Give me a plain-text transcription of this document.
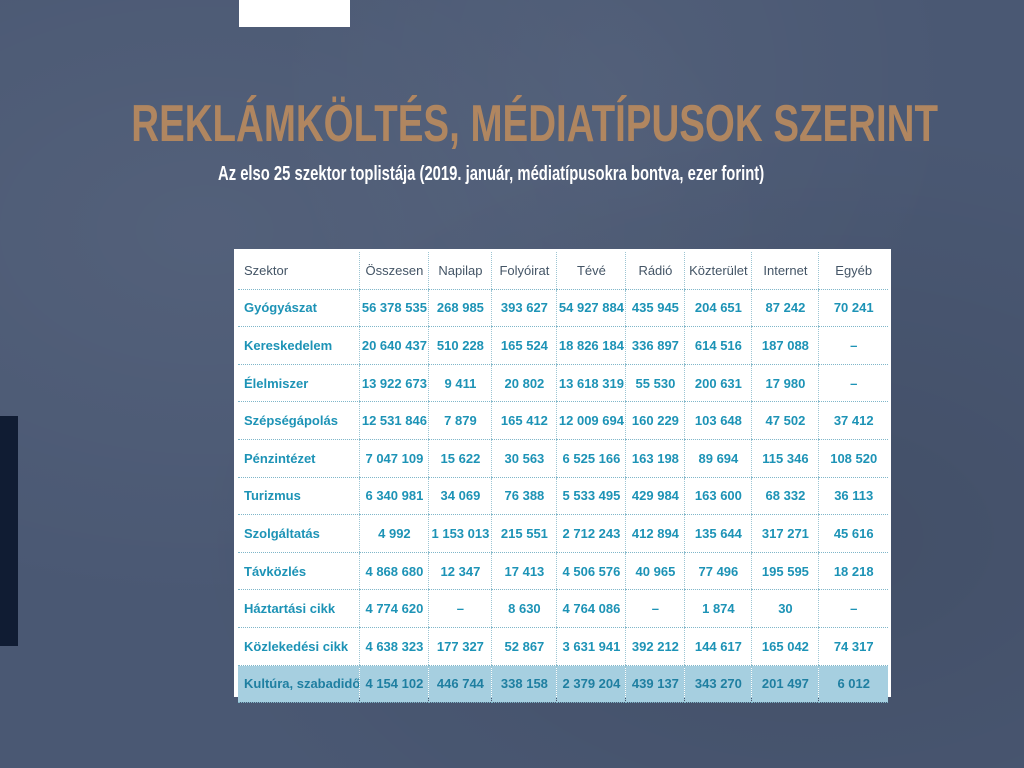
REKLÁMKÖLTÉS, MÉDIATÍPUSOK SZERINT
Az elso 25 szektor toplistája (2019. január, médiatípusokra bontva, ezer forint)
Szektor	Összesen	Napilap	Folyóirat	Tévé	Rádió	Közterület	Internet	Egyéb
Gyógyászat	56 378 535	268 985	393 627	54 927 884	435 945	204 651	87 242	70 241
Kereskedelem	20 640 437	510 228	165 524	18 826 184	336 897	614 516	187 088	–
Élelmiszer	13 922 673	9 411	20 802	13 618 319	55 530	200 631	17 980	–
Szépségápolás	12 531 846	7 879	165 412	12 009 694	160 229	103 648	47 502	37 412
Pénzintézet	7 047 109	15 622	30 563	6 525 166	163 198	89 694	115 346	108 520
Turizmus	6 340 981	34 069	76 388	5 533 495	429 984	163 600	68 332	36 113
Szolgáltatás	4 992	1 153 013	215 551	2 712 243	412 894	135 644	317 271	45 616
Távközlés	4 868 680	12 347	17 413	4 506 576	40 965	77 496	195 595	18 218
Háztartási cikk	4 774 620	–	8 630	4 764 086	–	1 874	30	–
Közlekedési cikk	4 638 323	177 327	52 867	3 631 941	392 212	144 617	165 042	74 317
Kultúra, szabadidő	4 154 102	446 744	338 158	2 379 204	439 137	343 270	201 497	6 012
